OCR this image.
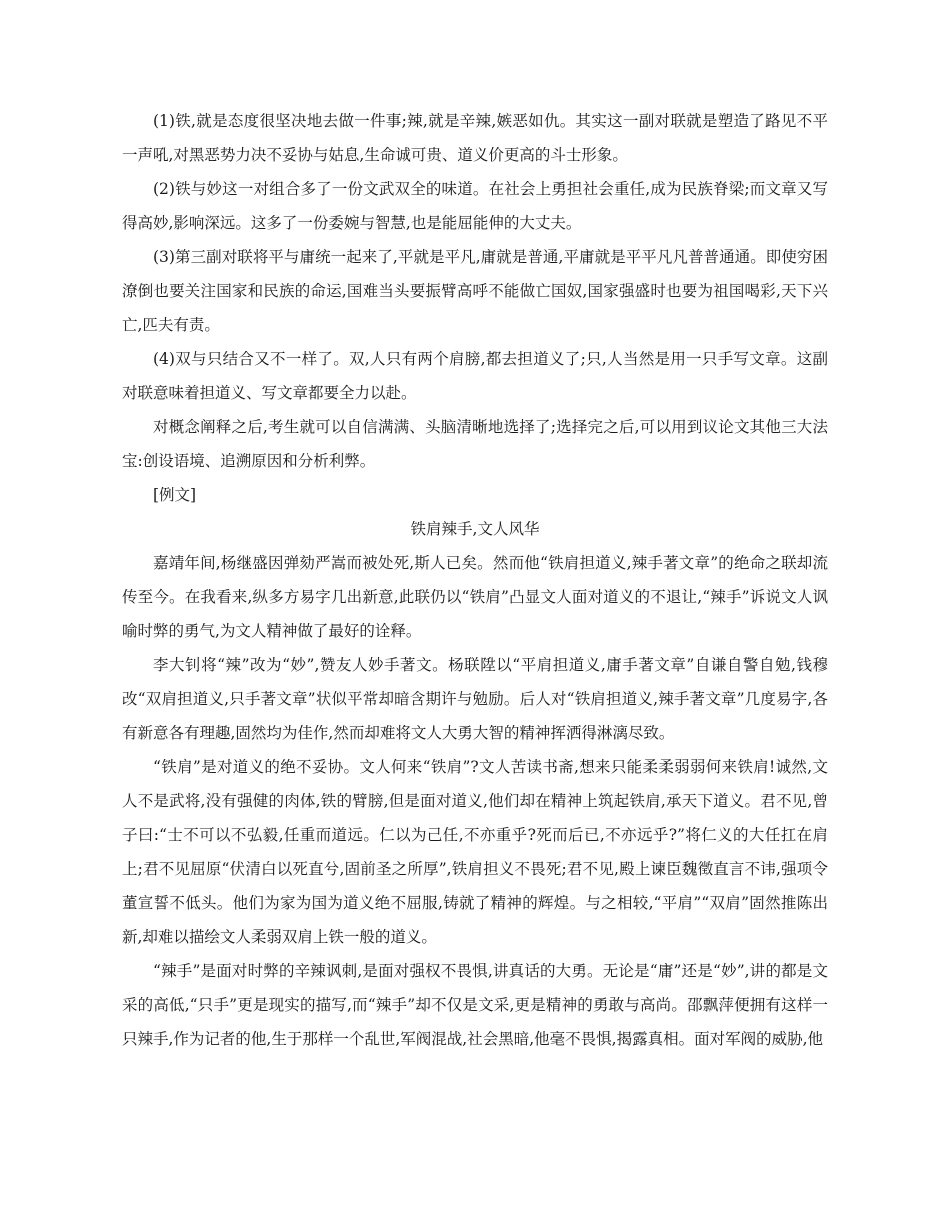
(1)铁,就是态度很坚决地去做一件事;辣,就是辛辣,嫉恶如仇。其实这一副对联就是塑造了路见不平一声吼,对黑恶势力决不妥协与姑息,生命诚可贵、道义价更高的斗士形象。

(2)铁与妙这一对组合多了一份文武双全的味道。在社会上勇担社会重任,成为民族脊梁;而文章又写得高妙,影响深远。这多了一份委婉与智慧,也是能屈能伸的大丈夫。

(3)第三副对联将平与庸统一起来了,平就是平凡,庸就是普通,平庸就是平平凡凡普普通通。即使穷困潦倒也要关注国家和民族的命运,国难当头要振臂高呼不能做亡国奴,国家强盛时也要为祖国喝彩,天下兴亡,匹夫有责。

(4)双与只结合又不一样了。双,人只有两个肩膀,都去担道义了;只,人当然是用一只手写文章。这副对联意味着担道义、写文章都要全力以赴。

对概念阐释之后,考生就可以自信满满、头脑清晰地选择了;选择完之后,可以用到议论文其他三大法宝:创设语境、追溯原因和分析利弊。

[例文]

铁肩辣手,文人风华

嘉靖年间,杨继盛因弹劾严嵩而被处死,斯人已矣。然而他“铁肩担道义,辣手著文章”的绝命之联却流传至今。在我看来,纵多方易字几出新意,此联仍以“铁肩”凸显文人面对道义的不退让,“辣手”诉说文人讽喻时弊的勇气,为文人精神做了最好的诠释。

李大钊将“辣”改为“妙”,赞友人妙手著文。杨联陞以“平肩担道义,庸手著文章”自谦自警自勉,钱穆改“双肩担道义,只手著文章”状似平常却暗含期许与勉励。后人对“铁肩担道义,辣手著文章”几度易字,各有新意各有理趣,固然均为佳作,然而却难将文人大勇大智的精神挥洒得淋漓尽致。

“铁肩”是对道义的绝不妥协。文人何来“铁肩”?文人苦读书斋,想来只能柔柔弱弱何来铁肩!诚然,文人不是武将,没有强健的肉体,铁的臂膀,但是面对道义,他们却在精神上筑起铁肩,承天下道义。君不见,曾子曰:“士不可以不弘毅,任重而道远。仁以为己任,不亦重乎?死而后已,不亦远乎?”将仁义的大任扛在肩上;君不见屈原“伏清白以死直兮,固前圣之所厚”,铁肩担义不畏死;君不见,殿上谏臣魏徵直言不讳,强项令董宣誓不低头。他们为家为国为道义绝不屈服,铸就了精神的辉煌。与之相较,“平肩”“双肩”固然推陈出新,却难以描绘文人柔弱双肩上铁一般的道义。

“辣手”是面对时弊的辛辣讽刺,是面对强权不畏惧,讲真话的大勇。无论是“庸”还是“妙”,讲的都是文采的高低,“只手”更是现实的描写,而“辣手”却不仅是文采,更是精神的勇敢与高尚。邵飘萍便拥有这样一只辣手,作为记者的他,生于那样一个乱世,军阀混战,社会黑暗,他毫不畏惧,揭露真相。面对军阀的威胁,他
